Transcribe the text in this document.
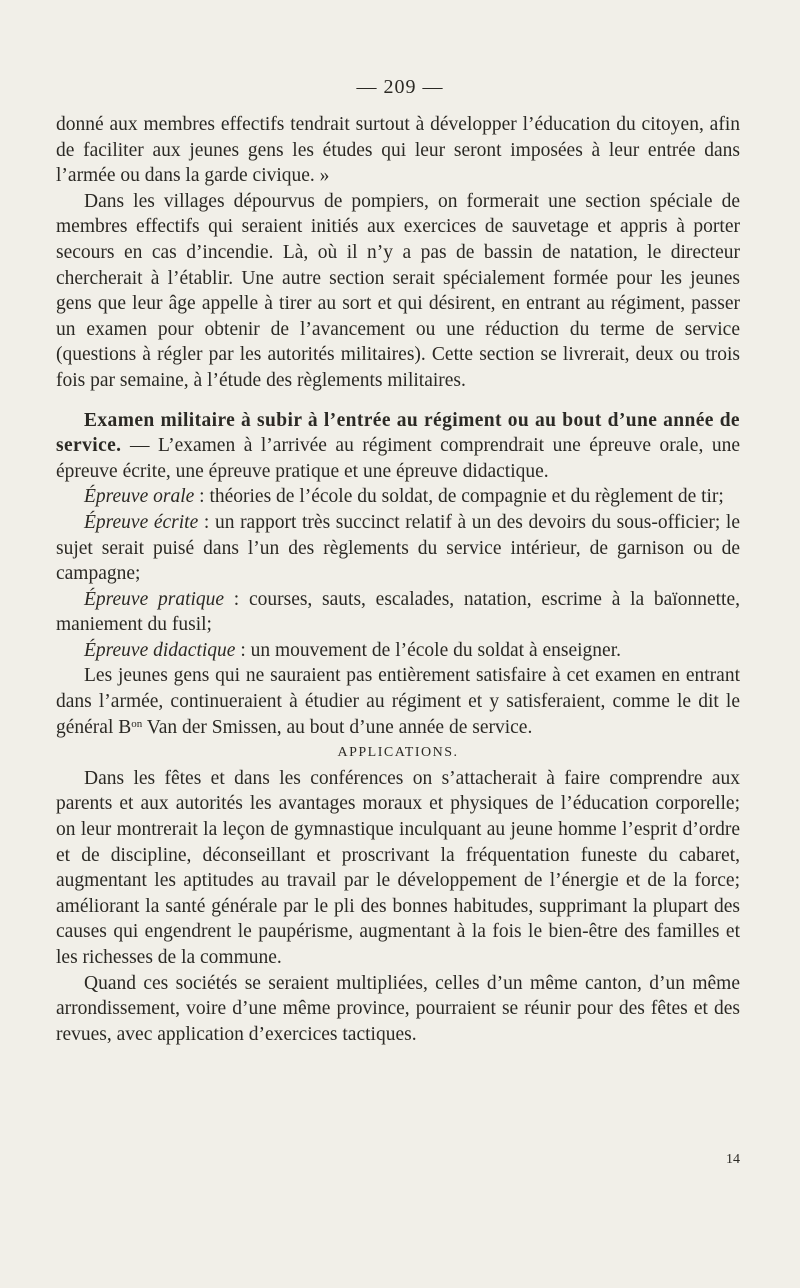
— 209 —

donné aux membres effectifs tendrait surtout à développer l’éducation du citoyen, afin de faciliter aux jeunes gens les études qui leur seront imposées à leur entrée dans l’armée ou dans la garde civique. »

Dans les villages dépourvus de pompiers, on formerait une section spéciale de membres effectifs qui seraient initiés aux exercices de sauvetage et appris à porter secours en cas d’incendie. Là, où il n’y a pas de bassin de natation, le directeur chercherait à l’établir. Une autre section serait spécialement formée pour les jeunes gens que leur âge appelle à tirer au sort et qui désirent, en entrant au régiment, passer un examen pour obtenir de l’avancement ou une réduction du terme de service (questions à régler par les autorités militaires). Cette section se livrerait, deux ou trois fois par semaine, à l’étude des règlements militaires.

Examen militaire à subir à l’entrée au régiment ou au bout d’une année de service. — L’examen à l’arrivée au régiment comprendrait une épreuve orale, une épreuve écrite, une épreuve pratique et une épreuve didactique.

Épreuve orale : théories de l’école du soldat, de compagnie et du règlement de tir;

Épreuve écrite : un rapport très succinct relatif à un des devoirs du sous-officier; le sujet serait puisé dans l’un des règlements du service intérieur, de garnison ou de campagne;

Épreuve pratique : courses, sauts, escalades, natation, escrime à la baïonnette, maniement du fusil;

Épreuve didactique : un mouvement de l’école du soldat à enseigner.

Les jeunes gens qui ne sauraient pas entièrement satisfaire à cet examen en entrant dans l’armée, continueraient à étudier au régiment et y satisferaient, comme le dit le général $B^{on}$ Van der Smissen, au bout d’une année de service.

APPLICATIONS.

Dans les fêtes et dans les conférences on s’attacherait à faire comprendre aux parents et aux autorités les avantages moraux et physiques de l’éducation corporelle; on leur montrerait la leçon de gymnastique inculquant au jeune homme l’esprit d’ordre et de discipline, déconseillant et proscrivant la fréquentation funeste du cabaret, augmentant les aptitudes au travail par le développement de l’énergie et de la force; améliorant la santé générale par le pli des bonnes habitudes, supprimant la plupart des causes qui engendrent le paupérisme, augmentant à la fois le bien-être des familles et les richesses de la commune.

Quand ces sociétés se seraient multipliées, celles d’un même canton, d’un même arrondissement, voire d’une même province, pourraient se réunir pour des fêtes et des revues, avec application d’exercices tactiques.

14
